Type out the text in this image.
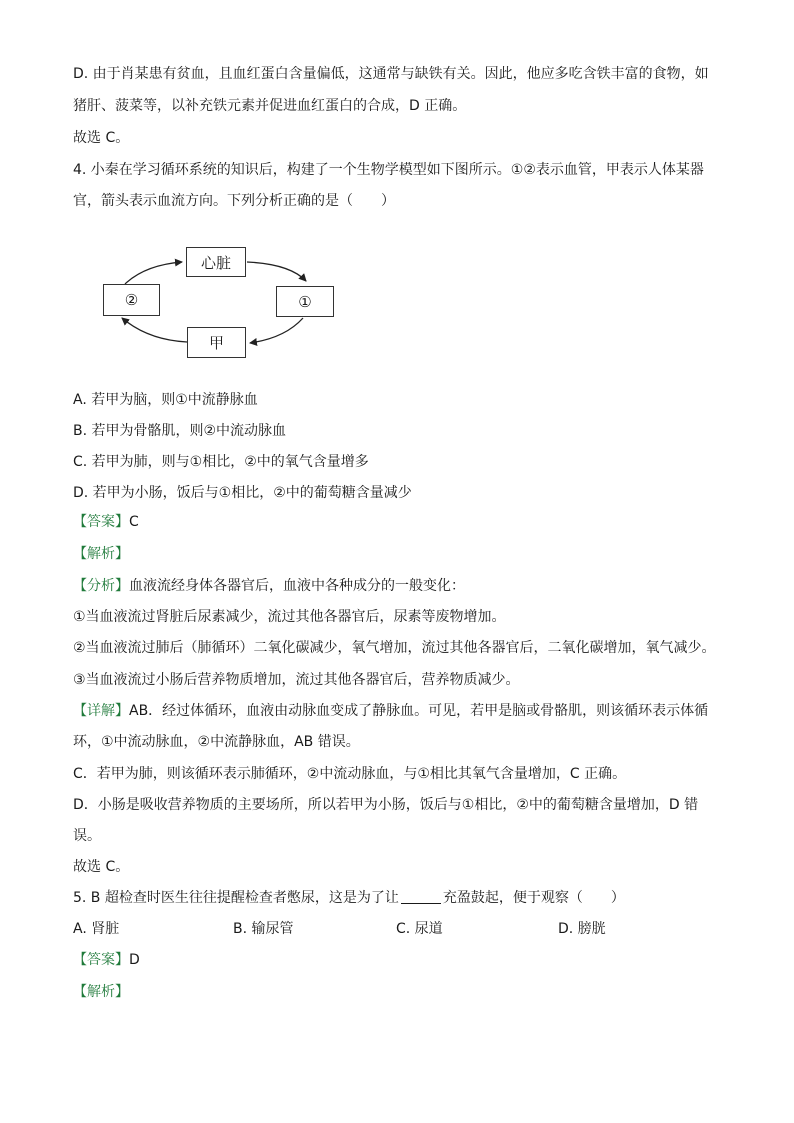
D. 由于肖某患有贫血，且血红蛋白含量偏低，这通常与缺铁有关。因此，他应多吃含铁丰富的食物，如
猪肝、菠菜等，以补充铁元素并促进血红蛋白的合成，D 正确。
故选 C。
4. 小秦在学习循环系统的知识后，构建了一个生物学模型如下图所示。①②表示血管，甲表示人体某器
官，箭头表示血流方向。下列分析正确的是（　　）
心脏
②	①
甲
A. 若甲为脑，则①中流静脉血
B. 若甲为骨骼肌，则②中流动脉血
C. 若甲为肺，则与①相比，②中的氧气含量增多
D. 若甲为小肠，饭后与①相比，②中的葡萄糖含量减少
【答案】C
【解析】
【分析】血液流经身体各器官后，血液中各种成分的一般变化：
①当血液流过肾脏后尿素减少，流过其他各器官后，尿素等废物增加。
②当血液流过肺后（肺循环）二氧化碳减少，氧气增加，流过其他各器官后，二氧化碳增加，氧气减少。
③当血液流过小肠后营养物质增加，流过其他各器官后，营养物质减少。
【详解】AB．经过体循环，血液由动脉血变成了静脉血。可见，若甲是脑或骨骼肌，则该循环表示体循
环，①中流动脉血，②中流静脉血，AB 错误。
C．若甲为肺，则该循环表示肺循环，②中流动脉血，与①相比其氧气含量增加，C 正确。
D．小肠是吸收营养物质的主要场所，所以若甲为小肠，饭后与①相比，②中的葡萄糖含量增加，D 错
误。
故选 C。
5. B 超检查时医生往往提醒检查者憋尿，这是为了让	充盈鼓起，便于观察（　　）
A. 肾脏	B. 输尿管	C. 尿道	D. 膀胱
【答案】D
【解析】
